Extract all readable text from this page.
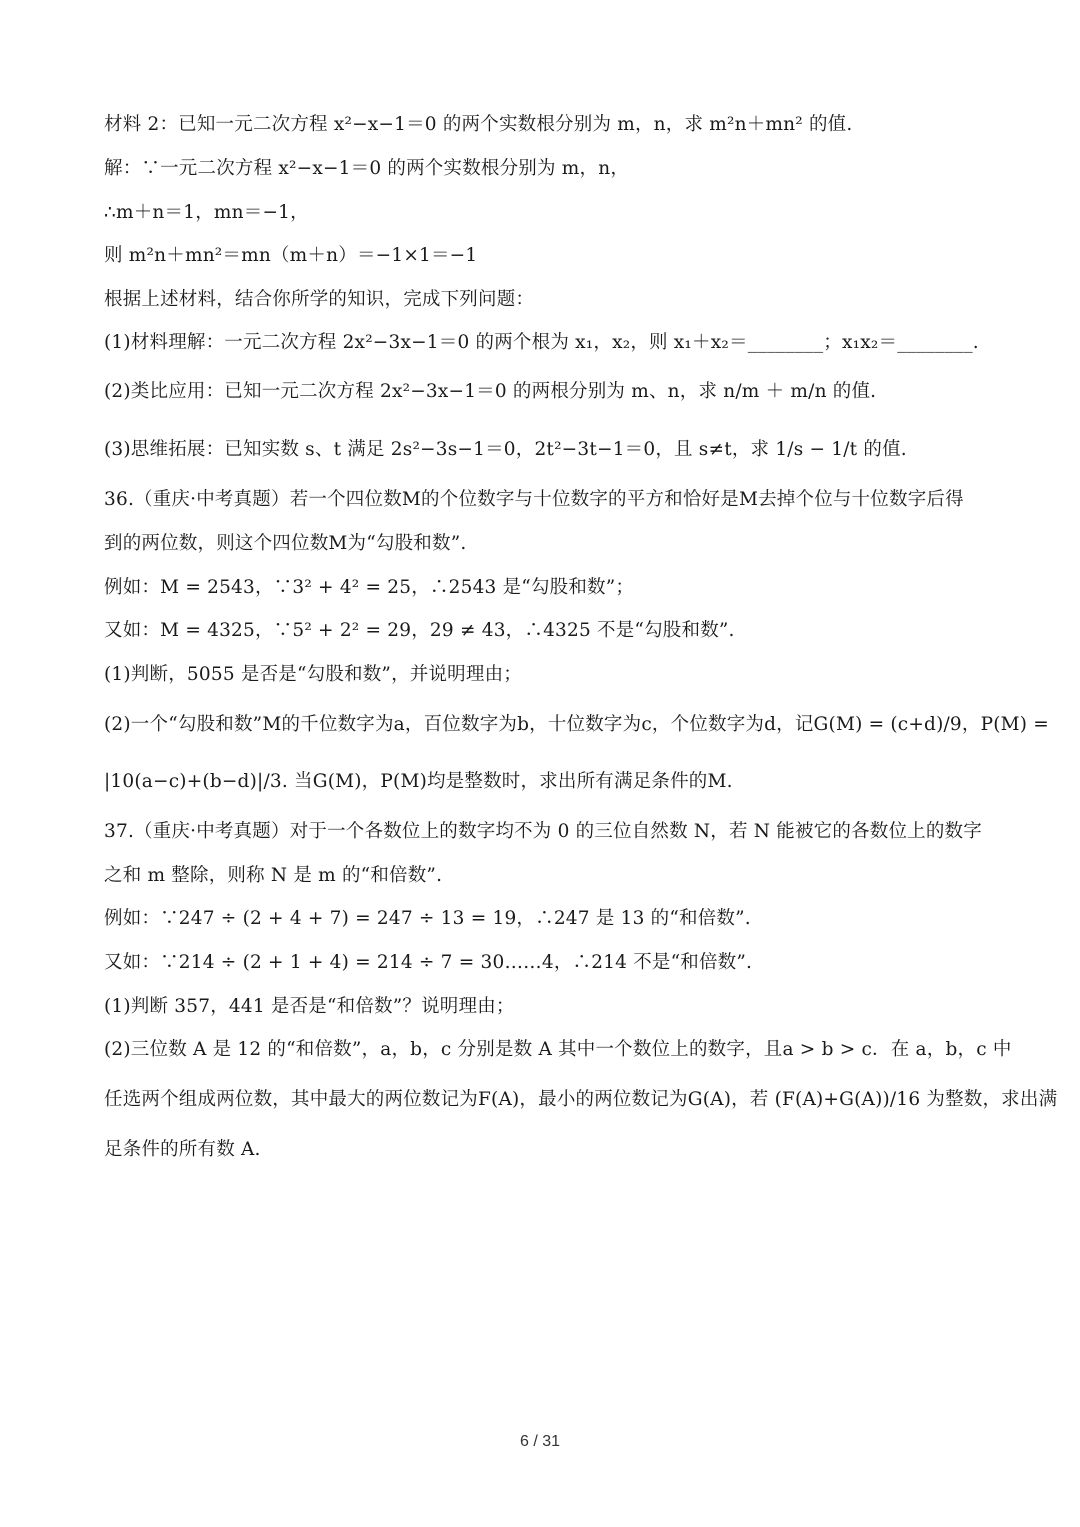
材料 2：已知一元二次方程 x²−x−1＝0 的两个实数根分别为 m，n，求 m²n＋mn² 的值.
解：∵一元二次方程 x²−x−1＝0 的两个实数根分别为 m，n，
∴m＋n＝1，mn＝−1，
则 m²n＋mn²＝mn（m＋n）＝−1×1＝−1
根据上述材料，结合你所学的知识，完成下列问题：
(1)材料理解：一元二次方程 2x²−3x−1＝0 的两个根为 x₁，x₂，则 x₁＋x₂＝________；x₁x₂＝________.
(2)类比应用：已知一元二次方程 2x²−3x−1＝0 的两根分别为 m、n，求 n/m ＋ m/n 的值.
(3)思维拓展：已知实数 s、t 满足 2s²−3s−1＝0，2t²−3t−1＝0，且 s≠t，求 1/s − 1/t 的值.
36.（重庆·中考真题）若一个四位数M的个位数字与十位数字的平方和恰好是M去掉个位与十位数字后得
到的两位数，则这个四位数M为“勾股和数”.
例如：M = 2543，∵3² + 4² = 25，∴2543 是“勾股和数”；
又如：M = 4325，∵5² + 2² = 29，29 ≠ 43，∴4325 不是“勾股和数”.
(1)判断，5055 是否是“勾股和数”，并说明理由；
(2)一个“勾股和数”M的千位数字为a，百位数字为b，十位数字为c，个位数字为d，记G(M) = (c+d)/9，P(M) =
|10(a−c)+(b−d)|/3. 当G(M)，P(M)均是整数时，求出所有满足条件的M.
37.（重庆·中考真题）对于一个各数位上的数字均不为 0 的三位自然数 N，若 N 能被它的各数位上的数字
之和 m 整除，则称 N 是 m 的“和倍数”.
例如：∵247 ÷ (2 + 4 + 7) = 247 ÷ 13 = 19，∴247 是 13 的“和倍数”.
又如：∵214 ÷ (2 + 1 + 4) = 214 ÷ 7 = 30……4，∴214 不是“和倍数”.
(1)判断 357，441 是否是“和倍数”？说明理由；
(2)三位数 A 是 12 的“和倍数”，a，b，c 分别是数 A 其中一个数位上的数字，且a > b > c．在 a，b，c 中
任选两个组成两位数，其中最大的两位数记为F(A)，最小的两位数记为G(A)，若 (F(A)+G(A))/16 为整数，求出满
足条件的所有数 A.
6 / 31
